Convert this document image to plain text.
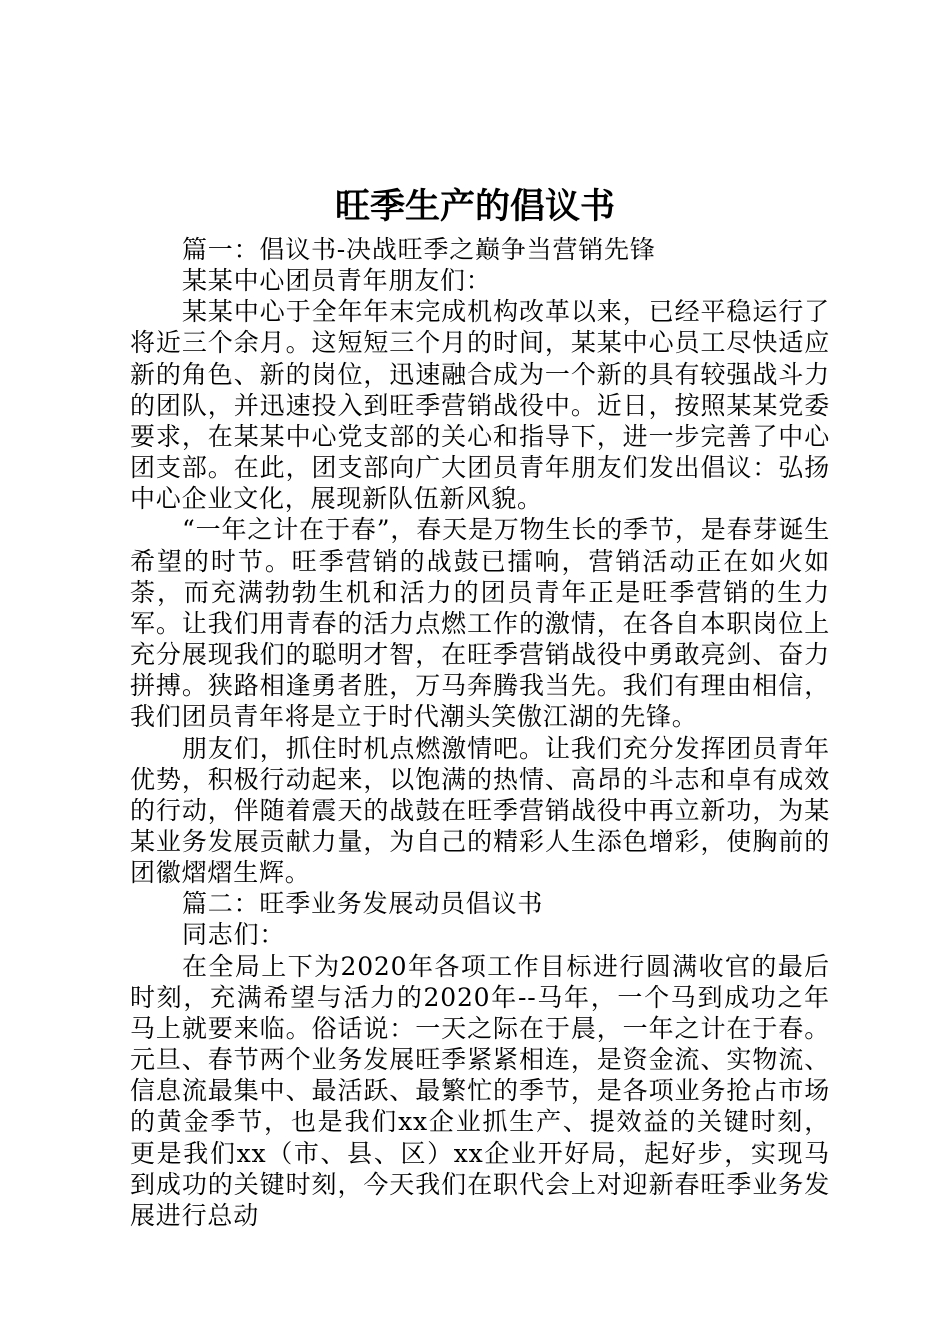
旺季生产的倡议书

篇一：倡议书-决战旺季之巅争当营销先锋

某某中心团员青年朋友们：

某某中心于全年年末完成机构改革以来，已经平稳运行了将近三个余月。这短短三个月的时间，某某中心员工尽快适应新的角色、新的岗位，迅速融合成为一个新的具有较强战斗力的团队，并迅速投入到旺季营销战役中。近日，按照某某党委要求，在某某中心党支部的关心和指导下，进一步完善了中心团支部。在此，团支部向广大团员青年朋友们发出倡议：弘扬中心企业文化，展现新队伍新风貌。

“一年之计在于春”，春天是万物生长的季节，是春芽诞生希望的时节。旺季营销的战鼓已擂响，营销活动正在如火如荼，而充满勃勃生机和活力的团员青年正是旺季营销的生力军。让我们用青春的活力点燃工作的激情，在各自本职岗位上充分展现我们的聪明才智，在旺季营销战役中勇敢亮剑、奋力拼搏。狭路相逢勇者胜，万马奔腾我当先。我们有理由相信，我们团员青年将是立于时代潮头笑傲江湖的先锋。

朋友们，抓住时机点燃激情吧。让我们充分发挥团员青年优势，积极行动起来，以饱满的热情、高昂的斗志和卓有成效的行动，伴随着震天的战鼓在旺季营销战役中再立新功，为某某业务发展贡献力量，为自己的精彩人生添色增彩，使胸前的团徽熠熠生辉。

篇二：旺季业务发展动员倡议书

同志们：

在全局上下为2020年各项工作目标进行圆满收官的最后时刻，充满希望与活力的2020年--马年，一个马到成功之年马上就要来临。俗话说：一天之际在于晨，一年之计在于春。元旦、春节两个业务发展旺季紧紧相连，是资金流、实物流、信息流最集中、最活跃、最繁忙的季节，是各项业务抢占市场的黄金季节，也是我们xx企业抓生产、提效益的关键时刻，更是我们xx（市、县、区）xx企业开好局，起好步，实现马到成功的关键时刻，今天我们在职代会上对迎新春旺季业务发展进行总动
